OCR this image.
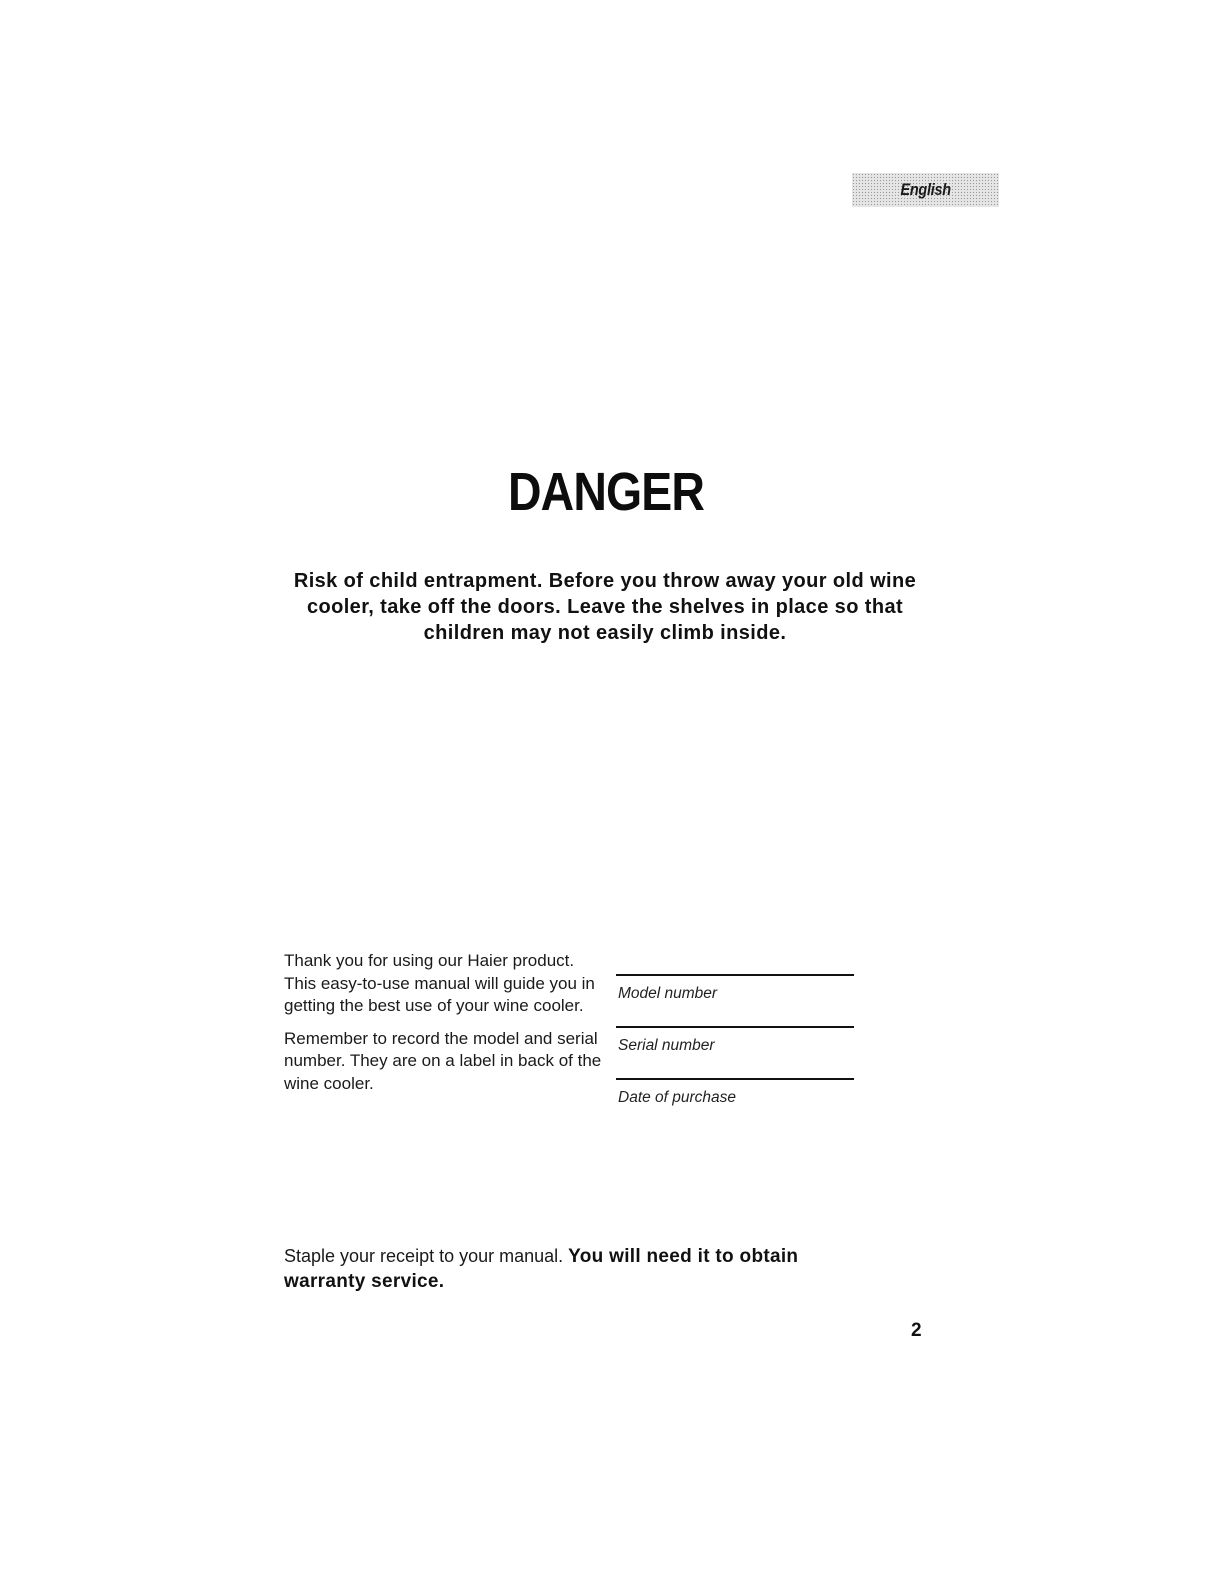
English
DANGER

Risk of child entrapment. Before you throw away your old wine cooler, take off the doors. Leave the shelves in place so that children may not easily climb inside.

Thank you for using our Haier product. This easy-to-use manual will guide you in getting the best use of your wine cooler.

Remember to record the model and serial number. They are on a label in back of the wine cooler.

Model number
Serial number
Date of purchase

Staple your receipt to your manual. You will need it to obtain warranty service.

2
